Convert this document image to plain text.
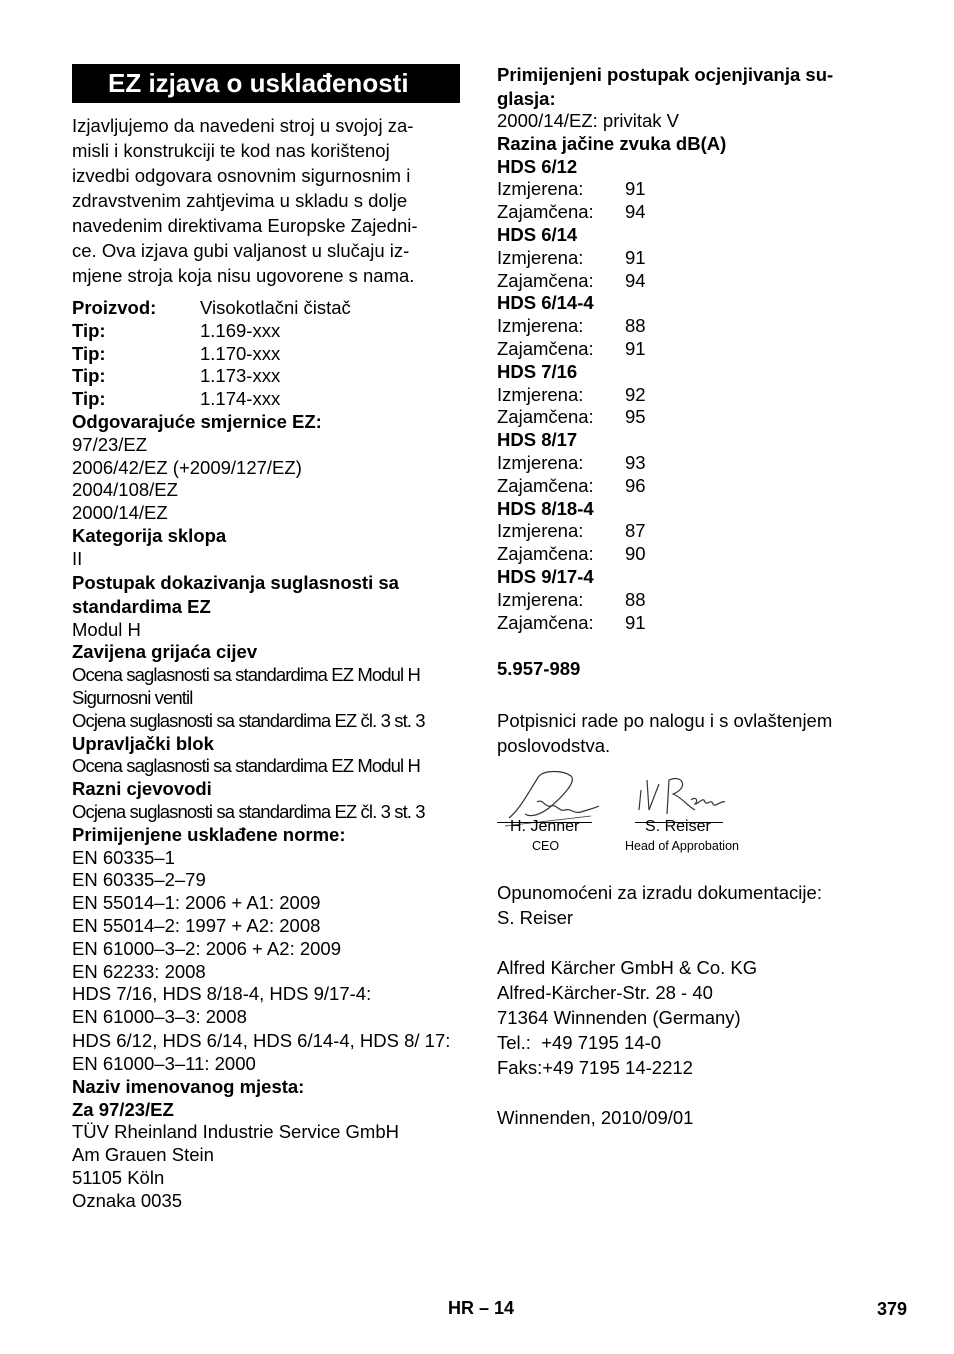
EZ izjava o usklađenosti

Izjavljujemo da navedeni stroj u svojoj za-

misli i konstrukciji te kod nas korištenoj

izvedbi odgovara osnovnim sigurnosnim i

zdravstvenim zahtjevima u skladu s dolje

navedenim direktivama Europske Zajedni-

ce. Ova izjava gubi valjanost u slučaju iz-

mjene stroja koja nisu ugovorene s nama.

Proizvod:	Visokotlačni čistač
Tip:	1.169-xxx
Tip:	1.170-xxx
Tip:	1.173-xxx
Tip:	1.174-xxx
Odgovarajuće smjernice EZ:
97/23/EZ
2006/42/EZ (+2009/127/EZ)
2004/108/EZ
2000/14/EZ
Kategorija sklopa
II
Postupak dokazivanja suglasnosti sa
standardima EZ
Modul H
Zavijena grijaća cijev
Ocena saglasnosti sa standardima EZ Modul H
Sigurnosni ventil
Ocjena suglasnosti sa standardima EZ čl. 3 st. 3
Upravljački blok
Ocena saglasnosti sa standardima EZ Modul H
Razni cjevovodi
Ocjena suglasnosti sa standardima EZ čl. 3 st. 3
Primijenjene usklađene norme:
EN 60335–1
EN 60335–2–79
EN 55014–1: 2006 + A1: 2009
EN 55014–2: 1997 + A2: 2008
EN 61000–3–2: 2006 + A2: 2009
EN 62233: 2008
HDS 7/16, HDS 8/18-4, HDS 9/17-4:
EN 61000–3–3: 2008
HDS 6/12, HDS 6/14, HDS 6/14-4, HDS 8/ 17:
EN 61000–3–11: 2000
Naziv imenovanog mjesta:
Za 97/23/EZ
TÜV Rheinland Industrie Service GmbH
Am Grauen Stein
51105 Köln
Oznaka 0035
Primijenjeni postupak ocjenjivanja su-
glasja:
2000/14/EZ: privitak V
Razina jačine zvuka dB(A)
HDS 6/12
Izmjerena:	91
Zajamčena:	94
HDS 6/14
Izmjerena:	91
Zajamčena:	94
HDS 6/14-4
Izmjerena:	88
Zajamčena:	91
HDS 7/16
Izmjerena:	92
Zajamčena:	95
HDS 8/17
Izmjerena:	93
Zajamčena:	96
HDS 8/18-4
Izmjerena:	87
Zajamčena:	90
HDS 9/17-4
Izmjerena:	88
Zajamčena:	91
5.957-989
Potpisnici rade po nalogu i s ovlaštenjem
poslovodstva.
H. Jenner
CEO
S. Reiser
Head of Approbation
Opunomoćeni za izradu dokumentacije:
S. Reiser
Alfred Kärcher GmbH & Co. KG
Alfred-Kärcher-Str. 28 - 40
71364 Winnenden (Germany)
Tel.:  +49 7195 14-0
Faks:+49 7195 14-2212
Winnenden, 2010/09/01
HR – 14	379
